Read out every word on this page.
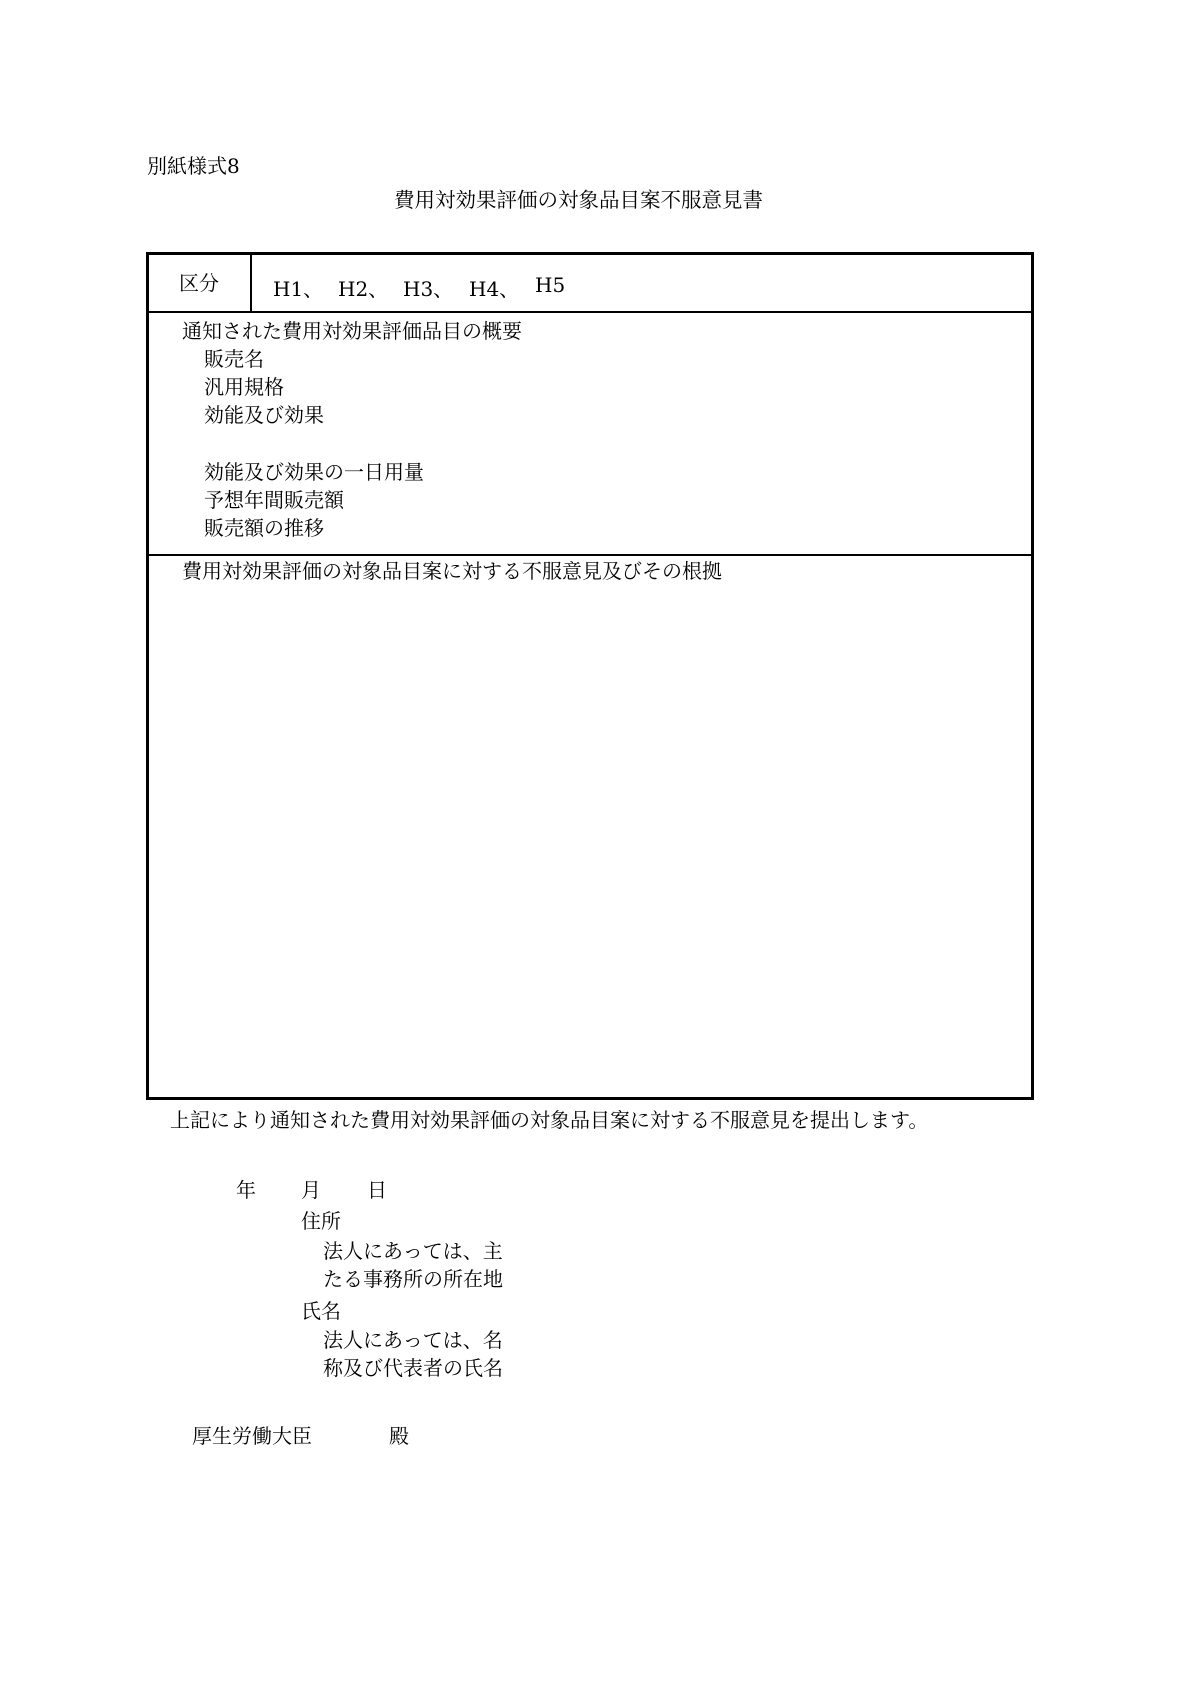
別紙様式8
費用対効果評価の対象品目案不服意見書
区分	H1、 H2、 H3、 H4、 H5
通知された費用対効果評価品目の概要
販売名
汎用規格
効能及び効果
効能及び効果の一日用量
予想年間販売額
販売額の推移
費用対効果評価の対象品目案に対する不服意見及びその根拠
上記により通知された費用対効果評価の対象品目案に対する不服意見を提出します。
年 月 日
住所
法人にあっては、主
たる事務所の所在地
氏名
法人にあっては、名
称及び代表者の氏名
厚生労働大臣	殿
